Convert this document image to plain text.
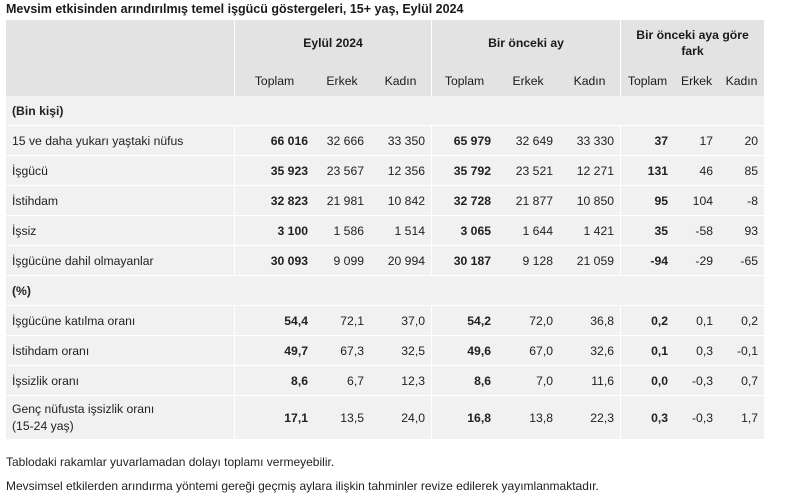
Mevsim etkisinden arındırılmış temel işgücü göstergeleri, 15+ yaş, Eylül 2024
	Eylül 2024			Bir önceki ay			Bir önceki aya göre fark		
	Toplam	Erkek	Kadın	Toplam	Erkek	Kadın	Toplam	Erkek	Kadın
(Bin kişi)									
15 ve daha yukarı yaştaki nüfus	66 016	32 666	33 350	65 979	32 649	33 330	37	17	20
İşgücü	35 923	23 567	12 356	35 792	23 521	12 271	131	46	85
İstihdam	32 823	21 981	10 842	32 728	21 877	10 850	95	104	-8
İşsiz	3 100	1 586	1 514	3 065	1 644	1 421	35	-58	93
İşgücüne dahil olmayanlar	30 093	9 099	20 994	30 187	9 128	21 059	-94	-29	-65
(%)									
İşgücüne katılma oranı	54,4	72,1	37,0	54,2	72,0	36,8	0,2	0,1	0,2
İstihdam oranı	49,7	67,3	32,5	49,6	67,0	32,6	0,1	0,3	-0,1
İşsizlik oranı	8,6	6,7	12,3	8,6	7,0	11,6	0,0	-0,3	0,7
Genç nüfusta işsizlik oranı
(15-24 yaş)	17,1	13,5	24,0	16,8	13,8	22,3	0,3	-0,3	1,7
Tablodaki rakamlar yuvarlamadan dolayı toplamı vermeyebilir.
Mevsimsel etkilerden arındırma yöntemi gereği geçmiş aylara ilişkin tahminler revize edilerek yayımlanmaktadır.
